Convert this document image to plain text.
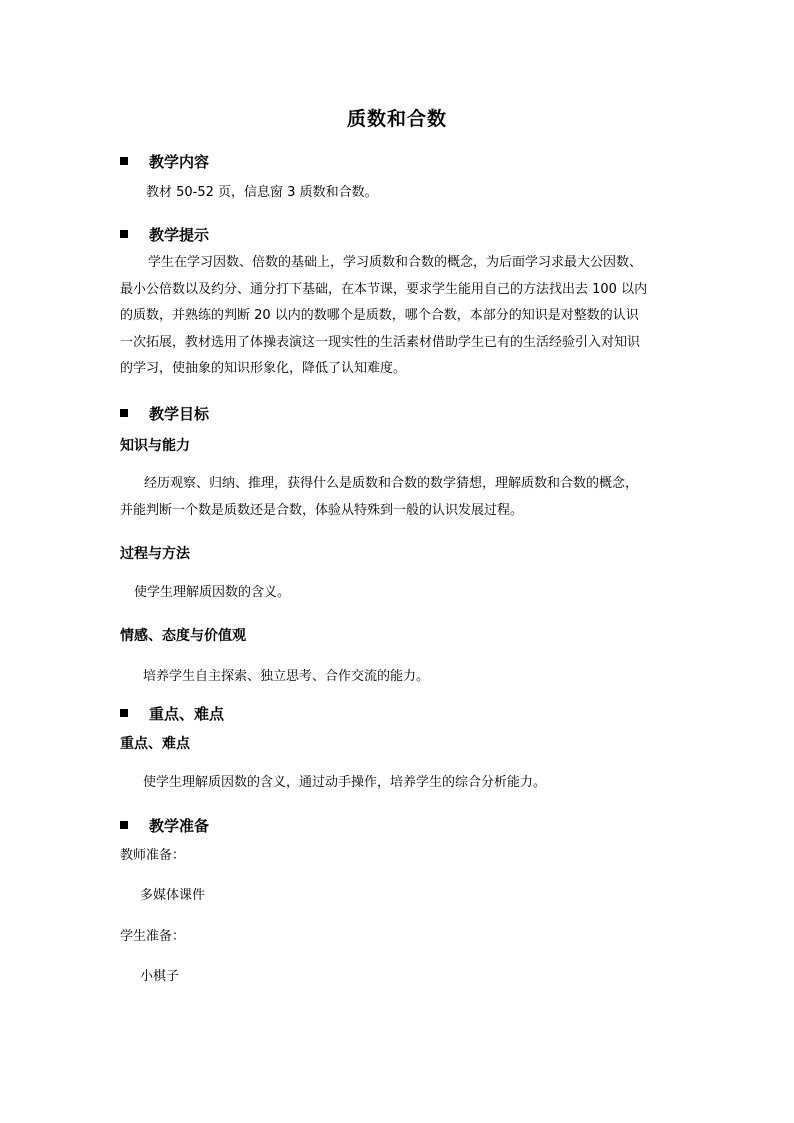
质数和合数
教学内容
教材 50-52 页，信息窗 3 质数和合数。
教学提示
学生在学习因数、倍数的基础上，学习质数和合数的概念，为后面学习求最大公因数、
最小公倍数以及约分、通分打下基础，在本节课，要求学生能用自己的方法找出去 100 以内
的质数，并熟练的判断 20 以内的数哪个是质数，哪个合数，本部分的知识是对整数的认识
一次拓展，教材选用了体操表演这一现实性的生活素材借助学生已有的生活经验引入对知识
的学习，使抽象的知识形象化，降低了认知难度。
教学目标
知识与能力
经历观察、归纳、推理，获得什么是质数和合数的数学猜想，理解质数和合数的概念，
并能判断一个数是质数还是合数，体验从特殊到一般的认识发展过程。
过程与方法
使学生理解质因数的含义。
情感、态度与价值观
培养学生自主探索、独立思考、合作交流的能力。
重点、难点
重点、难点
使学生理解质因数的含义，通过动手操作，培养学生的综合分析能力。
教学准备
教师准备：
多媒体课件
学生准备：
小棋子
